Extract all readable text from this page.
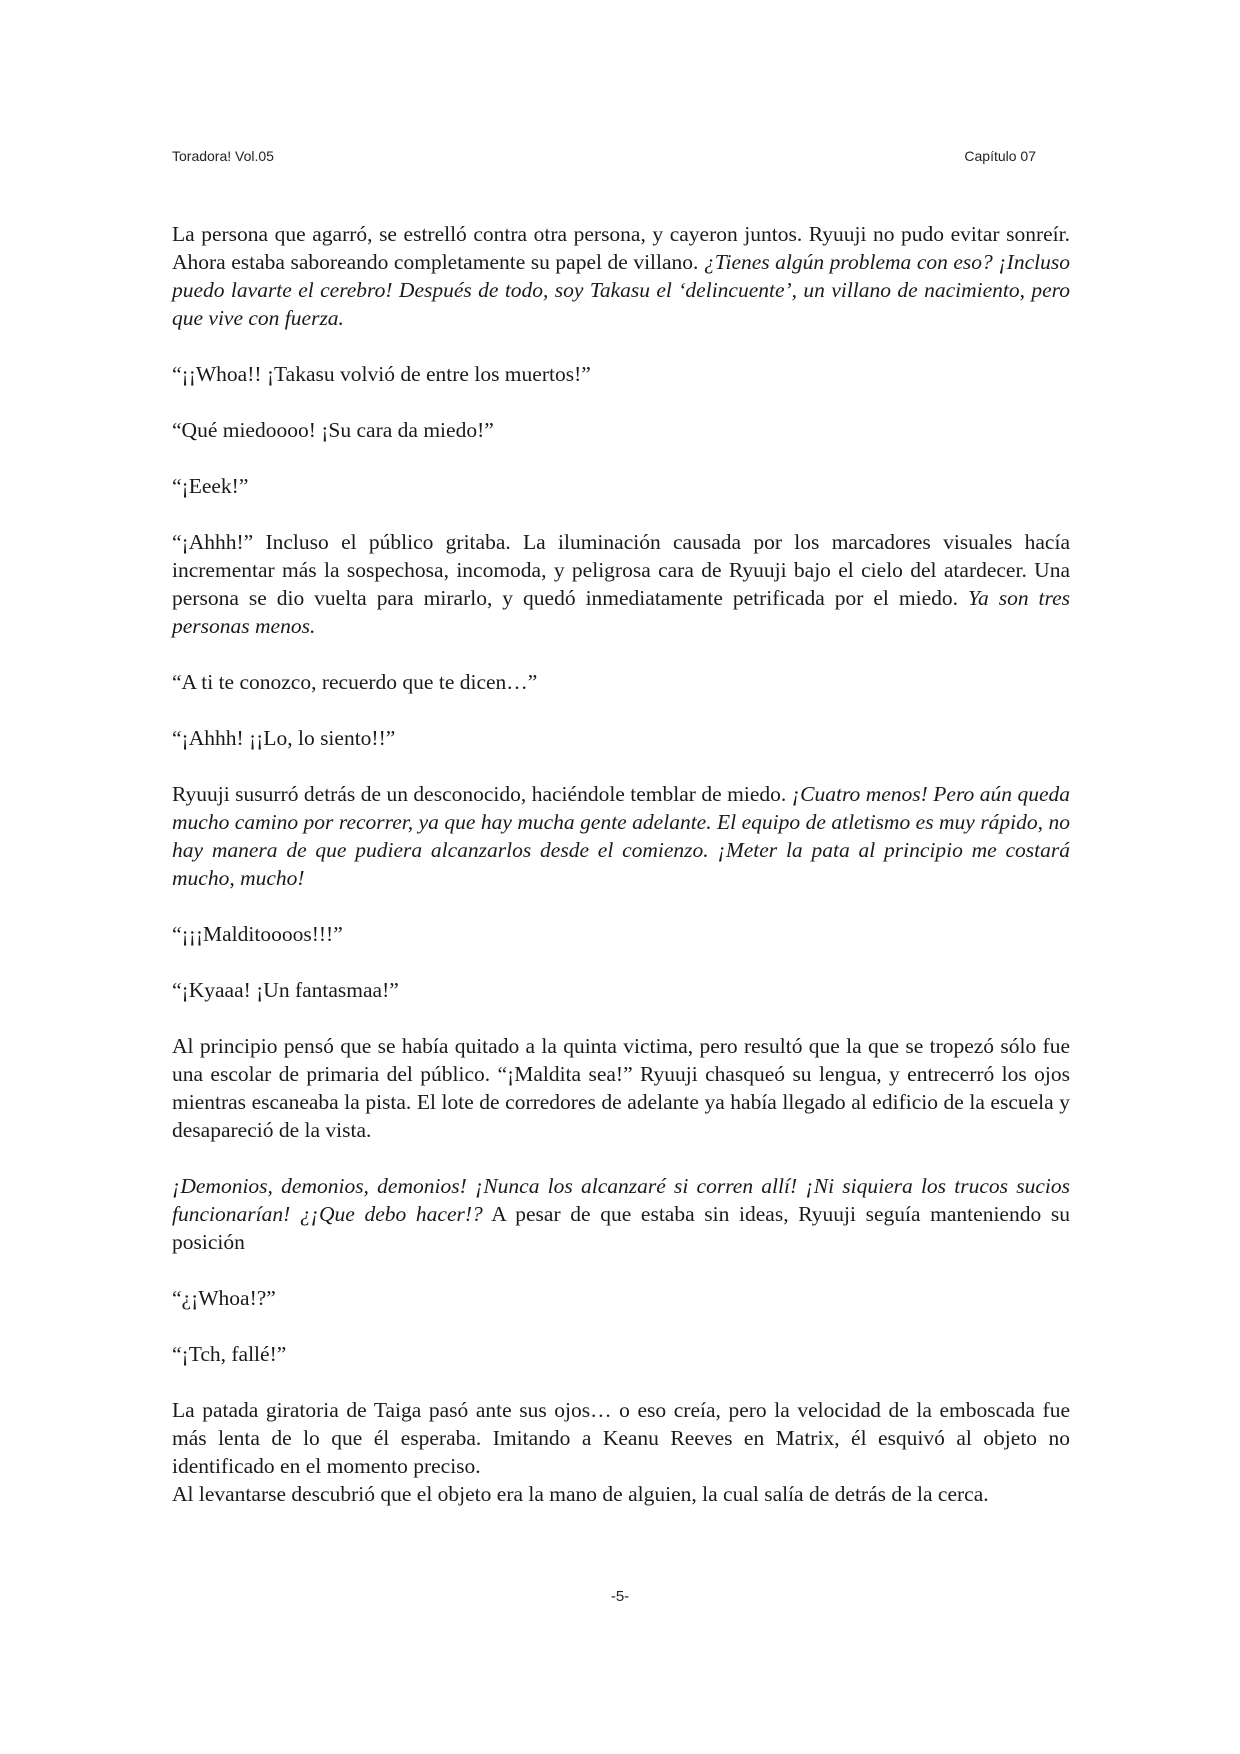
Toradora! Vol.05	Capítulo 07

La persona que agarró, se estrelló contra otra persona, y cayeron juntos. Ryuuji no pudo evitar sonreír. Ahora estaba saboreando completamente su papel de villano. ¿Tienes algún problema con eso? ¡Incluso puedo lavarte el cerebro! Después de todo, soy Takasu el ‘delincuente’, un villano de nacimiento, pero que vive con fuerza.

“¡¡Whoa!! ¡Takasu volvió de entre los muertos!”

“Qué miedoooo! ¡Su cara da miedo!”

“¡Eeek!”

“¡Ahhh!” Incluso el público gritaba. La iluminación causada por los marcadores visuales hacía incrementar más la sospechosa, incomoda, y peligrosa cara de Ryuuji bajo el cielo del atardecer. Una persona se dio vuelta para mirarlo, y quedó inmediatamente petrificada por el miedo. Ya son tres personas menos.

“A ti te conozco, recuerdo que te dicen…”

“¡Ahhh! ¡¡Lo, lo siento!!”

Ryuuji susurró detrás de un desconocido, haciéndole temblar de miedo. ¡Cuatro menos! Pero aún queda mucho camino por recorrer, ya que hay mucha gente adelante. El equipo de atletismo es muy rápido, no hay manera de que pudiera alcanzarlos desde el comienzo. ¡Meter la pata al principio me costará mucho, mucho!

“¡¡¡Malditoooos!!!”

“¡Kyaaa! ¡Un fantasmaa!”

Al principio pensó que se había quitado a la quinta victima, pero resultó que la que se tropezó sólo fue una escolar de primaria del público. “¡Maldita sea!” Ryuuji chasqueó su lengua, y entrecerró los ojos mientras escaneaba la pista. El lote de corredores de adelante ya había llegado al edificio de la escuela y desapareció de la vista.

¡Demonios, demonios, demonios! ¡Nunca los alcanzaré si corren allí! ¡Ni siquiera los trucos sucios funcionarían! ¿¡Que debo hacer!? A pesar de que estaba sin ideas, Ryuuji seguía manteniendo su posición

“¿¡Whoa!?”

“¡Tch, fallé!”

La patada giratoria de Taiga pasó ante sus ojos… o eso creía, pero la velocidad de la emboscada fue más lenta de lo que él esperaba. Imitando a Keanu Reeves en Matrix, él esquivó al objeto no identificado en el momento preciso.

Al levantarse descubrió que el objeto era la mano de alguien, la cual salía de detrás de la cerca.

-5-
